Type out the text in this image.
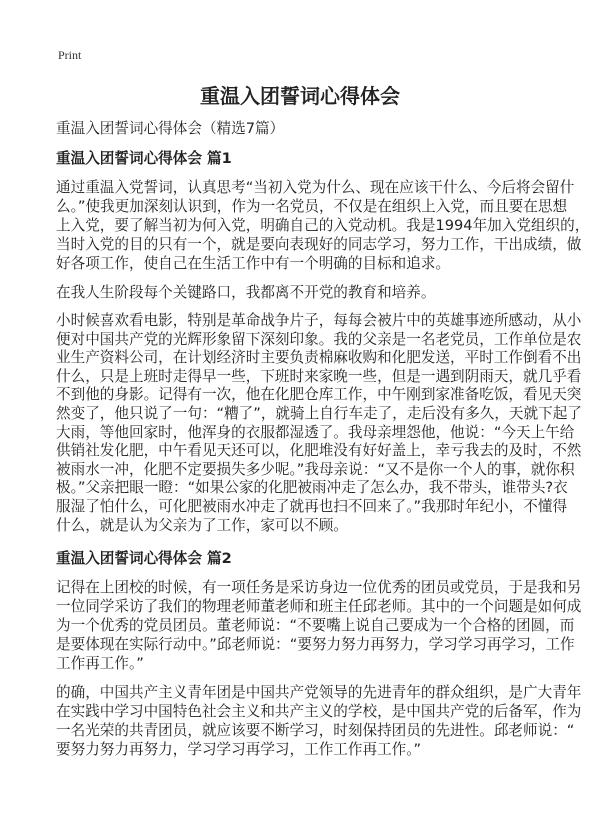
Print
重温入团誓词心得体会
重温入团誓词心得体会（精选7篇）
重温入团誓词心得体会 篇1

通过重温入党誓词，认真思考“当初入党为什么、现在应该干什么、今后将会留什
么。”使我更加深刻认识到，作为一名党员，不仅是在组织上入党，而且要在思想
上入党，要了解当初为何入党，明确自己的入党动机。我是1994年加入党组织的，
当时入党的目的只有一个，就是要向表现好的同志学习，努力工作，干出成绩，做
好各项工作，使自己在生活工作中有一个明确的目标和追求。

在我人生阶段每个关键路口，我都离不开党的教育和培养。

小时候喜欢看电影，特别是革命战争片子，每每会被片中的英雄事迹所感动，从小
便对中国共产党的光辉形象留下深刻印象。我的父亲是一名老党员，工作单位是农
业生产资料公司，在计划经济时主要负责棉麻收购和化肥发送，平时工作倒看不出
什么，只是上班时走得早一些，下班时来家晚一些，但是一遇到阴雨天，就几乎看
不到他的身影。记得有一次，他在化肥仓库工作，中午刚到家准备吃饭，看见天突
然变了，他只说了一句：“糟了”，就骑上自行车走了，走后没有多久，天就下起了
大雨，等他回家时，他浑身的衣服都湿透了。我母亲埋怨他，他说：“今天上午给
供销社发化肥，中午看见天还可以，化肥堆没有好好盖上，幸亏我去的及时，不然
被雨水一冲，化肥不定要损失多少呢。”我母亲说：“又不是你一个人的事，就你积
极。”父亲把眼一瞪：“如果公家的化肥被雨冲走了怎么办，我不带头，谁带头?衣
服湿了怕什么，可化肥被雨水冲走了就再也扫不回来了。”我那时年纪小，不懂得
什么，就是认为父亲为了工作，家可以不顾。

重温入团誓词心得体会 篇2

记得在上团校的时候，有一项任务是采访身边一位优秀的团员或党员，于是我和另
一位同学采访了我们的物理老师董老师和班主任邱老师。其中的一个问题是如何成
为一个优秀的党员团员。董老师说：“不要嘴上说自己要成为一个合格的团圆，而
是要体现在实际行动中。”邱老师说：“要努力努力再努力，学习学习再学习，工作
工作再工作。”

的确，中国共产主义青年团是中国共产党领导的先进青年的群众组织，是广大青年
在实践中学习中国特色社会主义和共产主义的学校，是中国共产党的后备军，作为
一名光荣的共青团员，就应该要不断学习，时刻保持团员的先进性。邱老师说：“
要努力努力再努力，学习学习再学习，工作工作再工作。”
